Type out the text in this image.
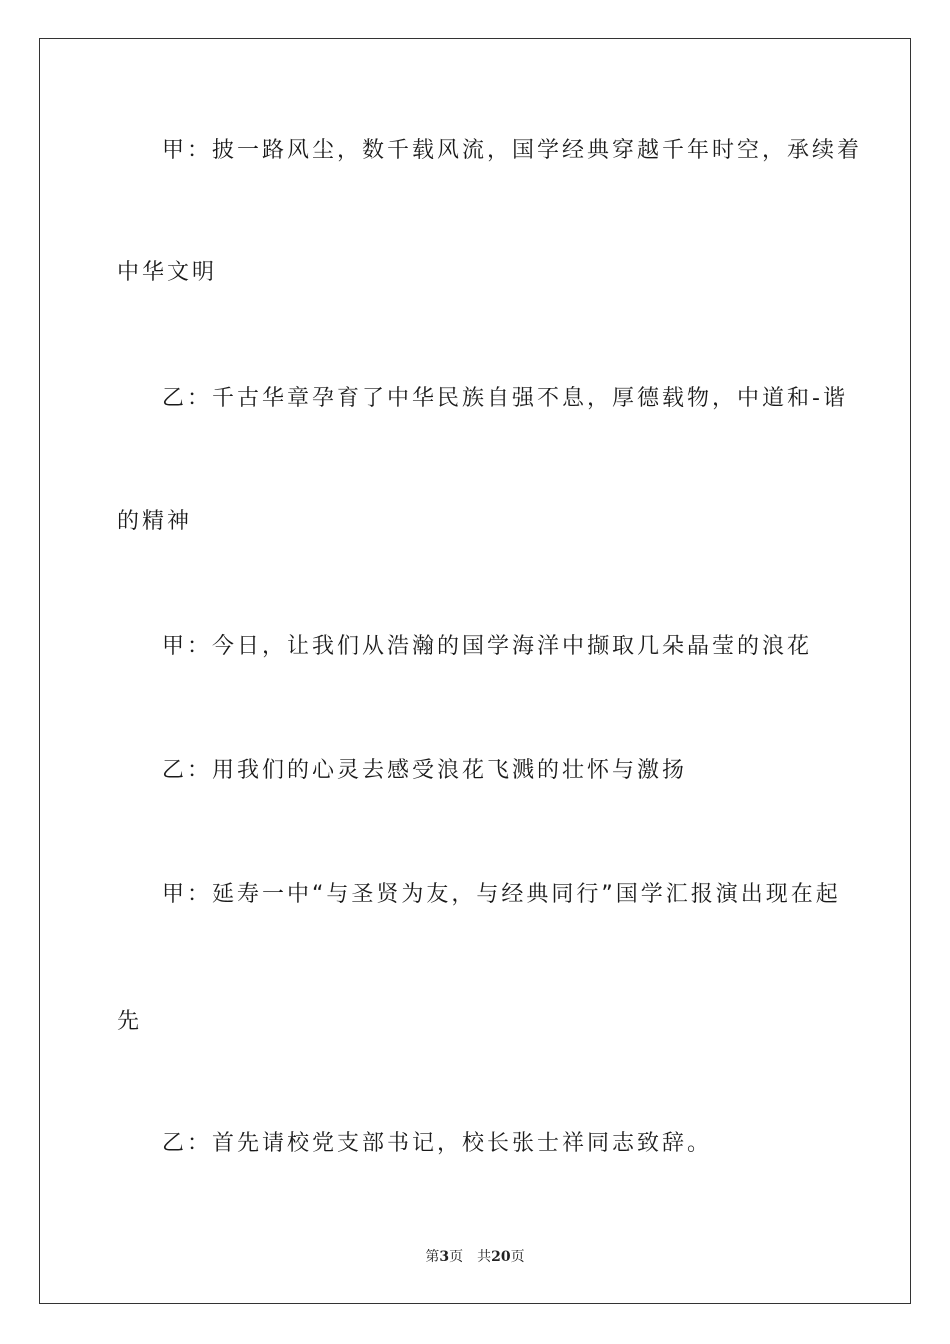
甲：披一路风尘，数千载风流，国学经典穿越千年时空，承续着
中华文明
乙：千古华章孕育了中华民族自强不息，厚德载物，中道和-谐
的精神
甲：今日，让我们从浩瀚的国学海洋中撷取几朵晶莹的浪花
乙：用我们的心灵去感受浪花飞溅的壮怀与激扬
甲：延寿一中“与圣贤为友，与经典同行”国学汇报演出现在起
先
乙：首先请校党支部书记，校长张士祥同志致辞。
第3页 共20页
